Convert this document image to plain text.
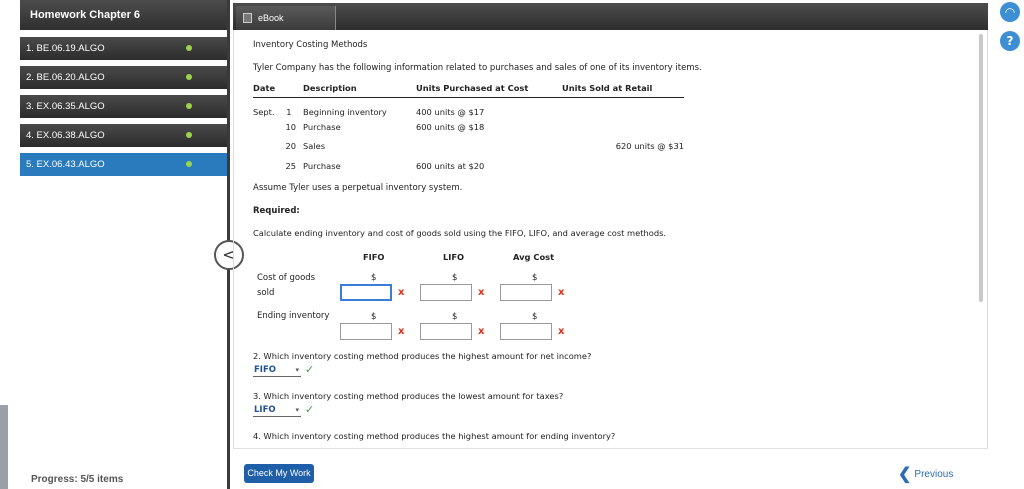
Homework Chapter 6
1. BE.06.19.ALGO
2. BE.06.20.ALGO
3. EX.06.35.ALGO
4. EX.06.38.ALGO
5. EX.06.43.ALGO
Progress: 5/5 items
<
eBook
Inventory Costing Methods
Tyler Company has the following information related to purchases and sales of one of its inventory items.
Date	Description	Units Purchased at Cost	Units Sold at Retail
Sept. 1	Beginning inventory	400 units @ $17	
10	Purchase	600 units @ $18	
20	Sales		620 units @ $31
25	Purchase	600 units at $20	
Assume Tyler uses a perpetual inventory system.
Required:
Calculate ending inventory and cost of goods sold using the FIFO, LIFO, and average cost methods.
FIFO	LIFO	Avg Cost
Cost of goods
sold
$	$	$
x	x	x
Ending inventory	$	$	$
x	x	x
2. Which inventory costing method produces the highest amount for net income?
FIFO	▾ ✓
3. Which inventory costing method produces the lowest amount for taxes?
LIFO	▾ ✓
4. Which inventory costing method produces the highest amount for ending inventory?
Check My Work	❮ Previous
◠
?
